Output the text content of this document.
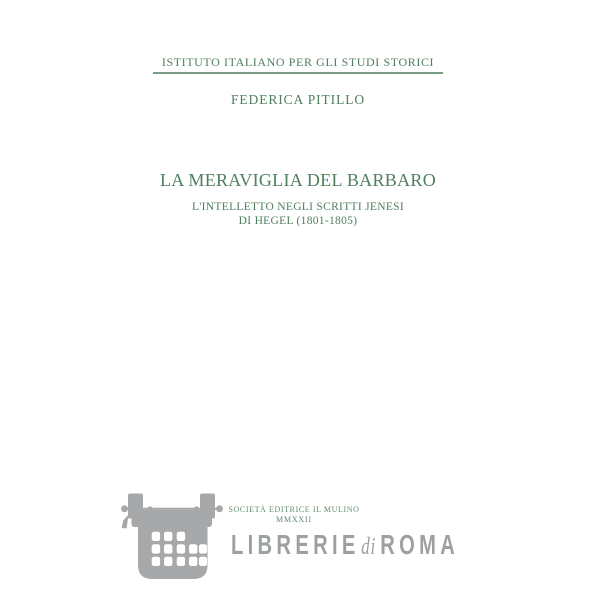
ISTITUTO ITALIANO PER GLI STUDI STORICI
FEDERICA PITILLO
LA MERAVIGLIA DEL BARBARO
L'INTELLETTO NEGLI SCRITTI JENESI
DI HEGEL (1801-1805)
SOCIETÀ EDITRICE IL MULINO
MMXXII
LIBRERIEdi ROMA
